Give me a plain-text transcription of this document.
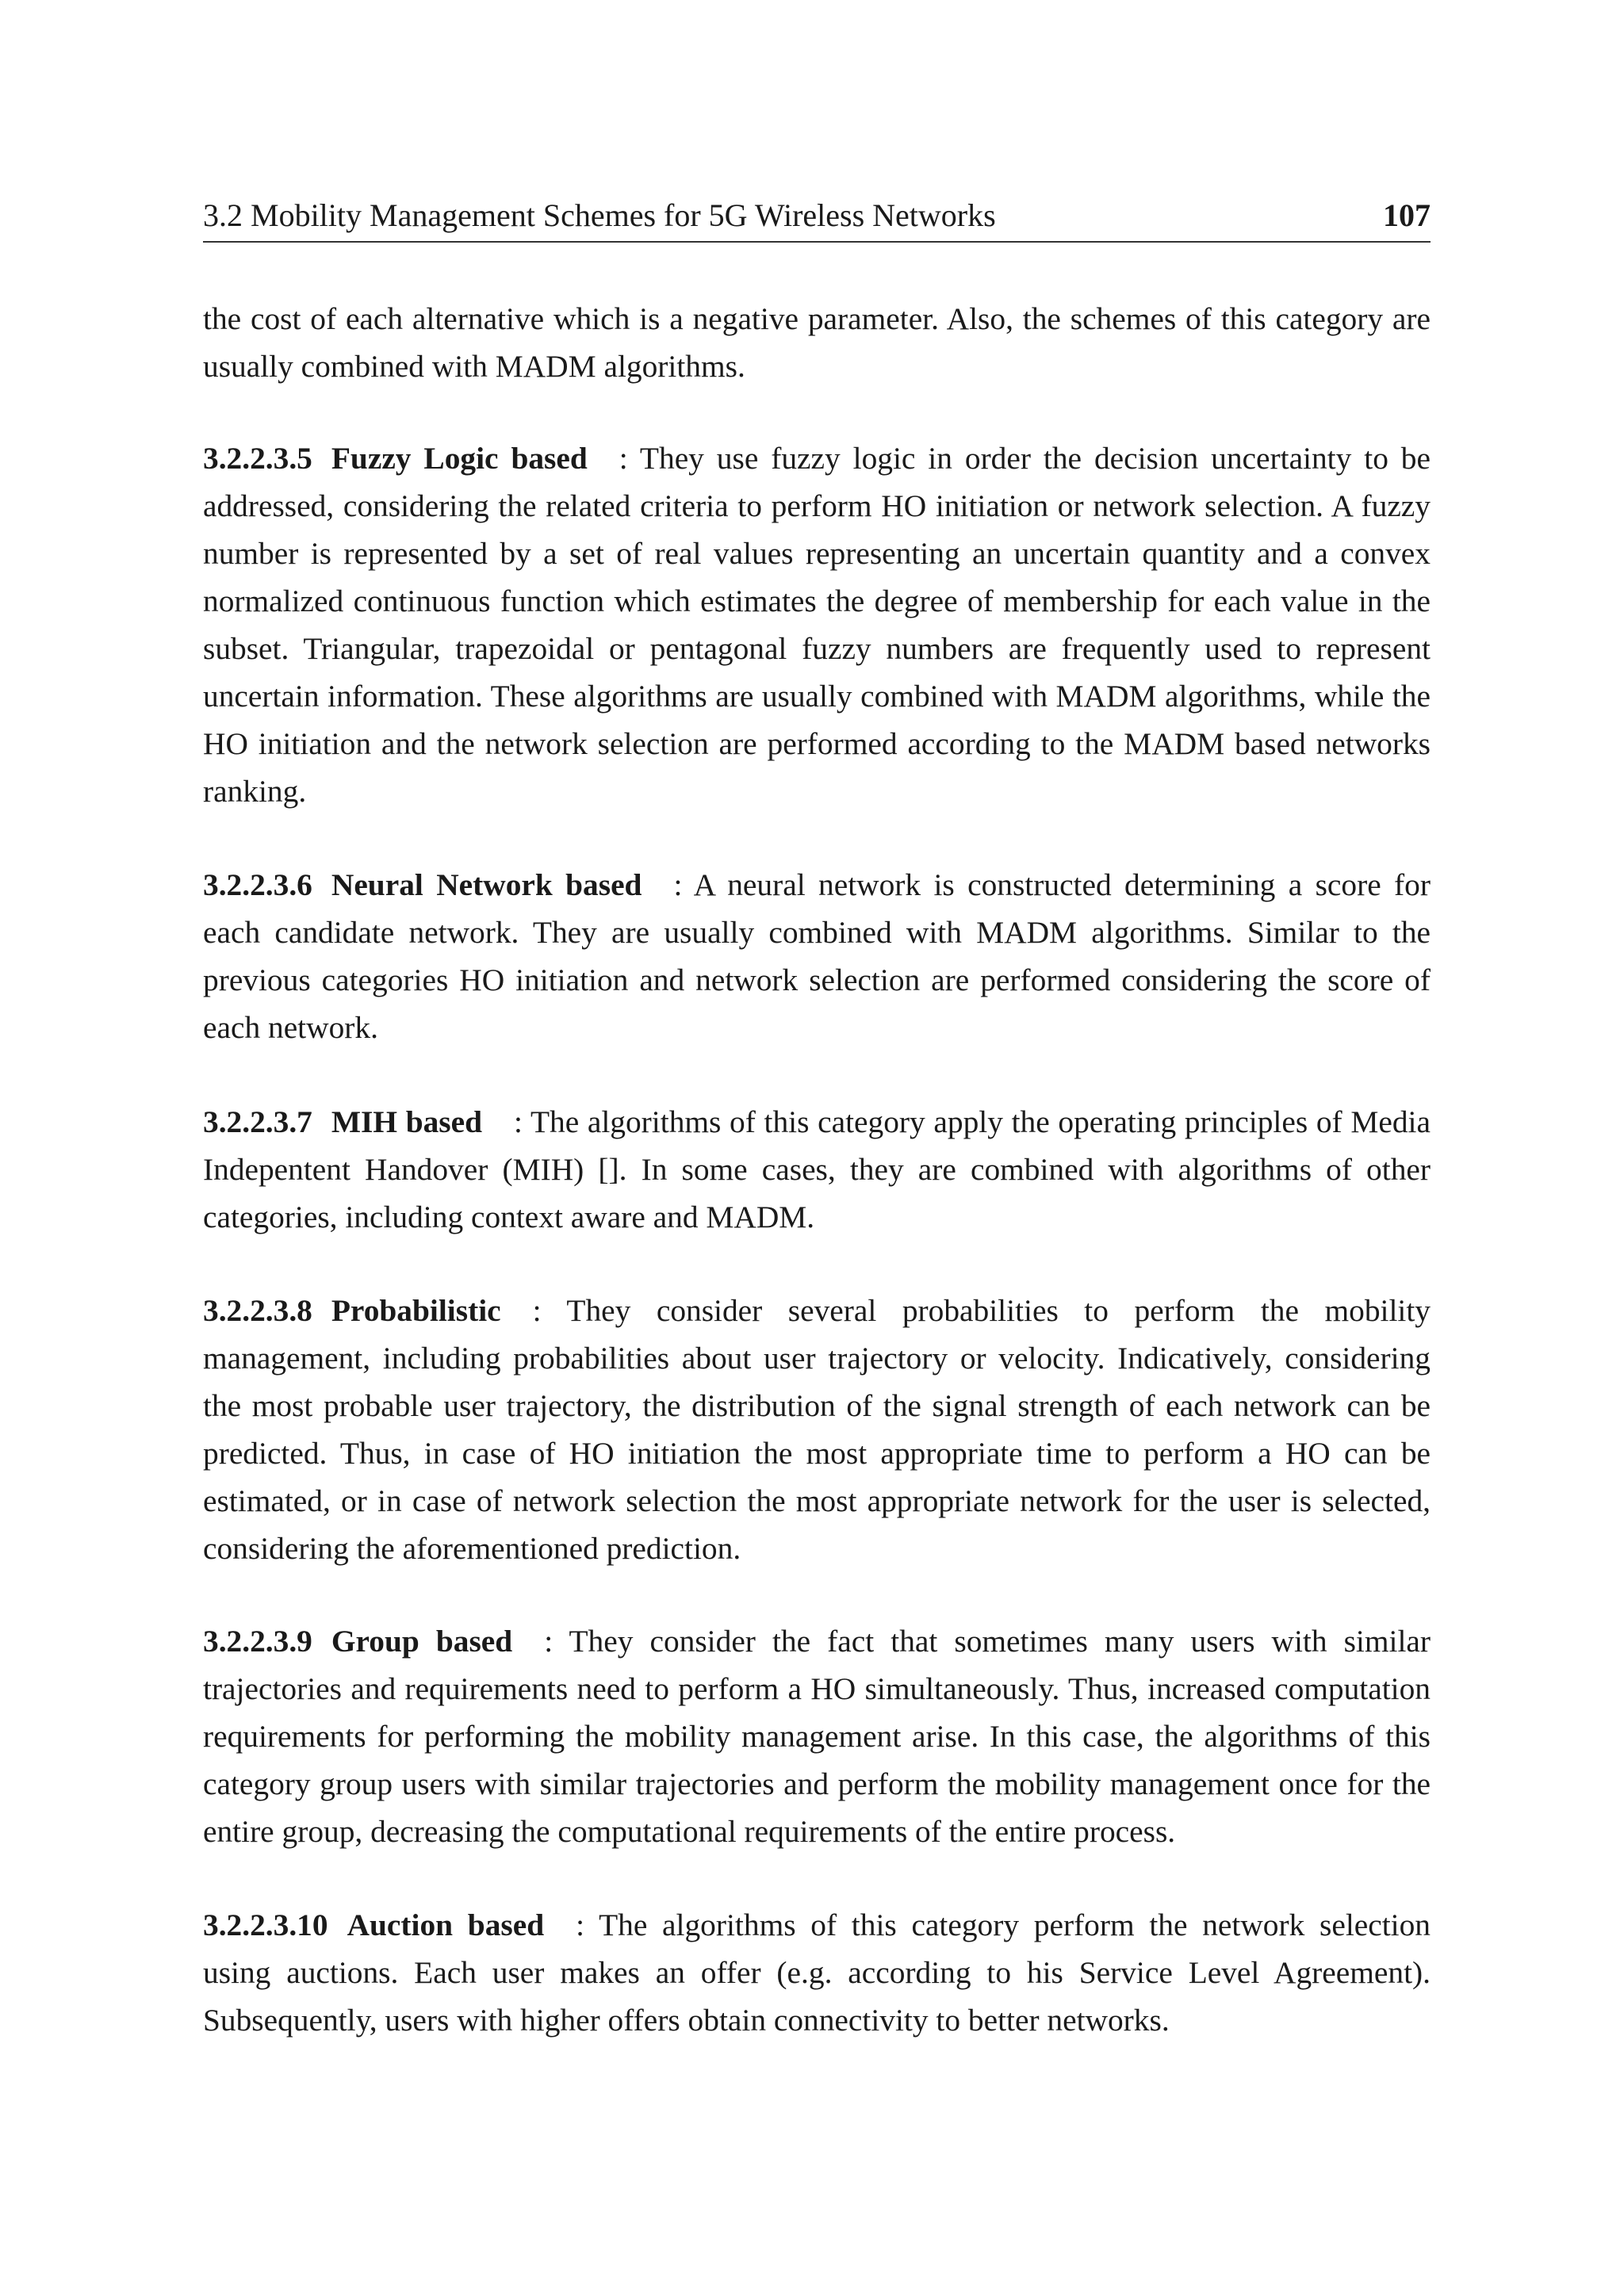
3.2 Mobility Management Schemes for 5G Wireless Networks	107

the cost of each alternative which is a negative parameter. Also, the schemes of this category are usually combined with MADM algorithms.

3.2.2.3.5 Fuzzy Logic based : They use fuzzy logic in order the decision uncertainty to be addressed, considering the related criteria to perform HO initiation or network selection. A fuzzy number is represented by a set of real values representing an uncertain quantity and a convex normalized continuous function which estimates the degree of membership for each value in the subset. Triangular, trapezoidal or pentagonal fuzzy numbers are frequently used to represent uncertain information. These algorithms are usually combined with MADM algorithms, while the HO initiation and the network selection are performed according to the MADM based networks ranking.

3.2.2.3.6 Neural Network based : A neural network is constructed determining a score for each candidate network. They are usually combined with MADM algorithms. Similar to the previous categories HO initiation and network selection are performed considering the score of each network.

3.2.2.3.7 MIH based : The algorithms of this category apply the operating principles of Media Indepentent Handover (MIH) []. In some cases, they are combined with algorithms of other categories, including context aware and MADM.

3.2.2.3.8 Probabilistic : They consider several probabilities to perform the mobility management, including probabilities about user trajectory or velocity. Indicatively, considering the most probable user trajectory, the distribution of the signal strength of each network can be predicted. Thus, in case of HO initiation the most appropriate time to perform a HO can be estimated, or in case of network selection the most appropriate network for the user is selected, considering the aforementioned prediction.

3.2.2.3.9 Group based : They consider the fact that sometimes many users with similar trajectories and requirements need to perform a HO simultaneously. Thus, increased computation requirements for performing the mobility management arise. In this case, the algorithms of this category group users with similar trajectories and perform the mobility management once for the entire group, decreasing the computational requirements of the entire process.

3.2.2.3.10 Auction based : The algorithms of this category perform the network selection using auctions. Each user makes an offer (e.g. according to his Service Level Agreement). Subsequently, users with higher offers obtain connectivity to better networks.
